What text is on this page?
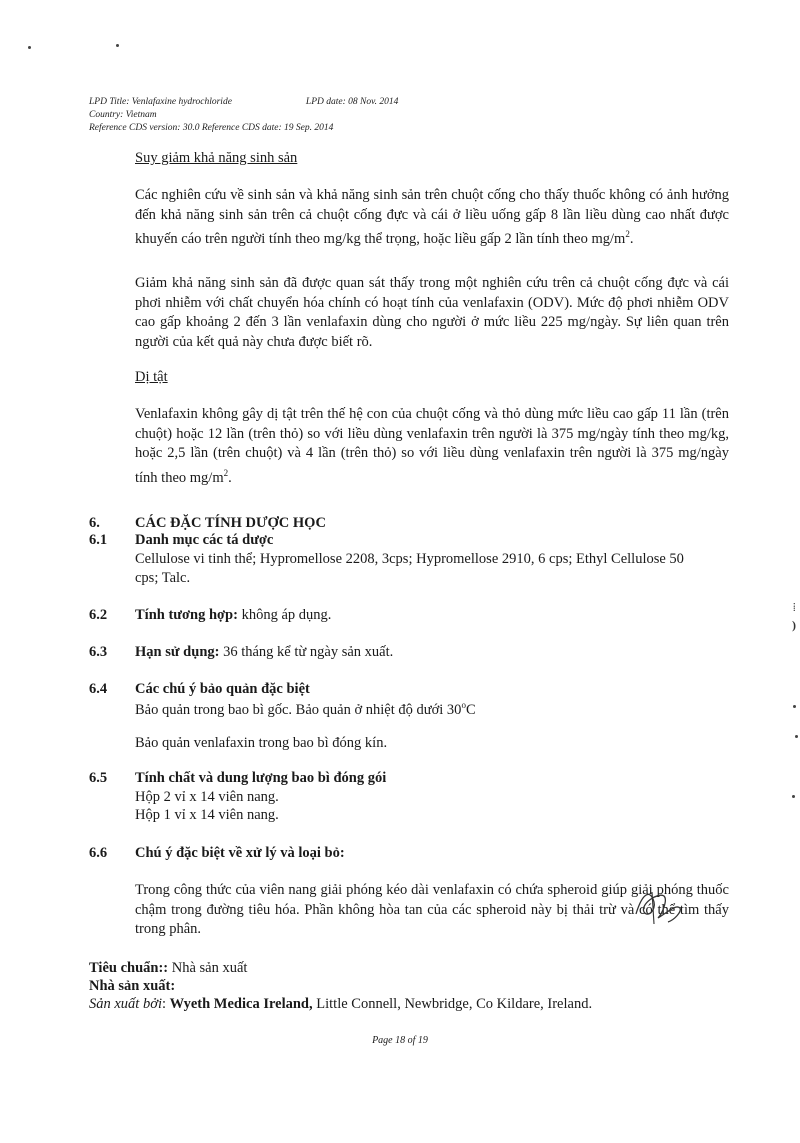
LPD Title: Venlafaxine hydrochloride	LPD date: 08 Nov. 2014
Country: Vietnam
Reference CDS version: 30.0 Reference CDS date: 19 Sep. 2014
Suy giảm khả năng sinh sản
Các nghiên cứu về sinh sản và khả năng sinh sản trên chuột cống cho thấy thuốc không có ảnh hưởng đến khả năng sinh sản trên cả chuột cống đực và cái ở liều uống gấp 8 lần liều dùng cao nhất được khuyến cáo trên người tính theo mg/kg thể trọng, hoặc liều gấp 2 lần tính theo $mg/m^2$.
Giảm khả năng sinh sản đã được quan sát thấy trong một nghiên cứu trên cả chuột cống đực và cái phơi nhiễm với chất chuyển hóa chính có hoạt tính của venlafaxin (ODV). Mức độ phơi nhiễm ODV cao gấp khoảng 2 đến 3 lần venlafaxin dùng cho người ở mức liều 225 mg/ngày. Sự liên quan trên người của kết quả này chưa được biết rõ.
Dị tật
Venlafaxin không gây dị tật trên thế hệ con của chuột cống và thỏ dùng mức liều cao gấp 11 lần (trên chuột) hoặc 12 lần (trên thỏ) so với liều dùng venlafaxin trên người là 375 mg/ngày tính theo mg/kg, hoặc 2,5 lần (trên chuột) và 4 lần (trên thỏ) so với liều dùng venlafaxin trên người là 375 mg/ngày tính theo $mg/m^2$.
6. CÁC ĐẶC TÍNH DƯỢC HỌC
6.1 Danh mục các tá dược
Cellulose vi tinh thể; Hypromellose 2208, 3cps; Hypromellose 2910, 6 cps; Ethyl Cellulose 50
cps; Talc.
6.2 Tính tương hợp: không áp dụng.
6.3 Hạn sử dụng: 36 tháng kể từ ngày sản xuất.
6.4 Các chú ý bảo quản đặc biệt
Bảo quản trong bao bì gốc. Bảo quản ở nhiệt độ dưới 30$^o$C
Bảo quản venlafaxin trong bao bì đóng kín.
6.5 Tính chất và dung lượng bao bì đóng gói
Hộp 2 vỉ x 14 viên nang.
Hộp 1 vỉ x 14 viên nang.
6.6 Chú ý đặc biệt về xử lý và loại bỏ:
Trong công thức của viên nang giải phóng kéo dài venlafaxin có chứa spheroid giúp giải phóng thuốc chậm trong đường tiêu hóa. Phần không hòa tan của các spheroid này bị thải trừ và có thể tìm thấy trong phân.
Tiêu chuẩn:: Nhà sản xuất
Nhà sản xuất:
Sản xuất bởi: Wyeth Medica Ireland, Little Connell, Newbridge, Co Kildare, Ireland.
Page 18 of 19
⁞
)
